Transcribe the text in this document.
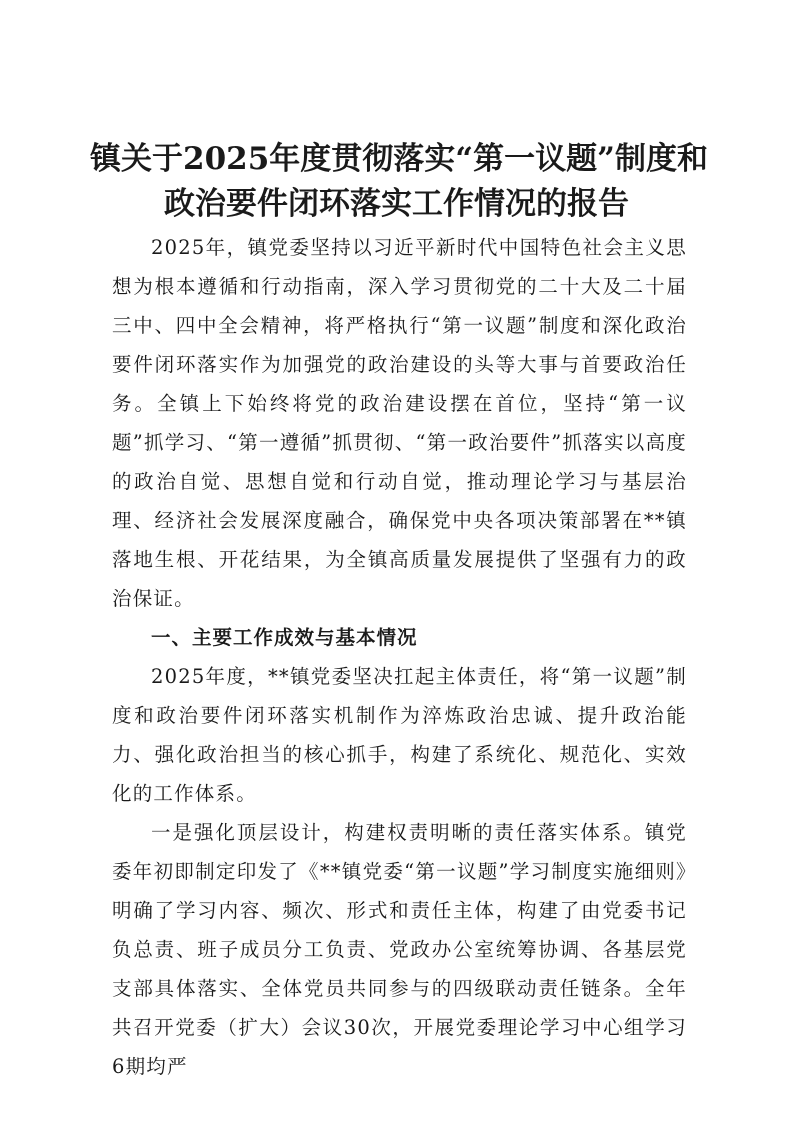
镇关于2025年度贯彻落实“第一议题”制度和
政治要件闭环落实工作情况的报告

2025年，镇党委坚持以习近平新时代中国特色社会主义思想为根本遵循和行动指南，深入学习贯彻党的二十大及二十届三中、四中全会精神，将严格执行“第一议题”制度和深化政治要件闭环落实作为加强党的政治建设的头等大事与首要政治任务。全镇上下始终将党的政治建设摆在首位，坚持“第一议题”抓学习、“第一遵循”抓贯彻、“第一政治要件”抓落实以高度的政治自觉、思想自觉和行动自觉，推动理论学习与基层治理、经济社会发展深度融合，确保党中央各项决策部署在**镇落地生根、开花结果，为全镇高质量发展提供了坚强有力的政治保证。

一、主要工作成效与基本情况

2025年度，**镇党委坚决扛起主体责任，将“第一议题”制度和政治要件闭环落实机制作为淬炼政治忠诚、提升政治能力、强化政治担当的核心抓手，构建了系统化、规范化、实效化的工作体系。

一是强化顶层设计，构建权责明晰的责任落实体系。镇党委年初即制定印发了《**镇党委“第一议题”学习制度实施细则》明确了学习内容、频次、形式和责任主体，构建了由党委书记负总责、班子成员分工负责、党政办公室统筹协调、各基层党支部具体落实、全体党员共同参与的四级联动责任链条。全年共召开党委（扩大）会议30次，开展党委理论学习中心组学习6期均严
